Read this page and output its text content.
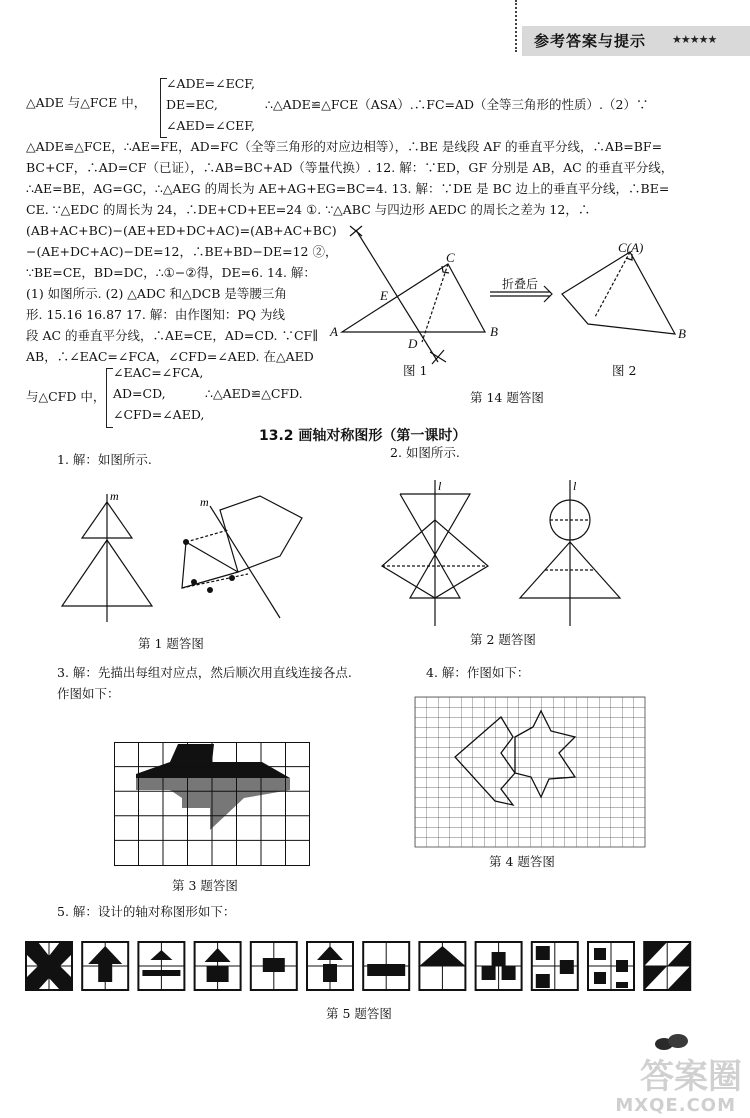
参考答案与提示 ★★★★★
△ADE 与△FCE 中，
∠ADE=∠ECF,
DE=EC,	∴△ADE≌△FCE（ASA）.∴FC=AD（全等三角形的性质）.（2）∵
∠AED=∠CEF,
△ADE≌△FCE，∴AE=FE，AD=FC（全等三角形的对应边相等），∴BE 是线段 AF 的垂直平分线，∴AB=BF=
BC+CF，∴AD=CF（已证），∴AB=BC+AD（等量代换）. 12. 解：∵ED，GF 分别是 AB，AC 的垂直平分线，
∴AE=BE，AG=GC，∴△AEG 的周长为 AE+AG+EG=BC=4. 13. 解：∵DE 是 BC 边上的垂直平分线，∴BE=
CE. ∵△EDC 的周长为 24，∴DE+CD+EE=24 ①. ∵△ABC 与四边形 AEDC 的周长之差为 12，∴
(AB+AC+BC)−(AE+ED+DC+AC)=(AB+AC+BC)
−(AE+DC+AC)−DE=12，∴BE+BD−DE=12 ②，
∵BE=CE，BD=DC，∴①−②得，DE=6. 14. 解：
(1) 如图所示. (2) △ADC 和△DCB 是等腰三角
形. 15.16 16.87 17. 解：由作图知：PQ 为线
段 AC 的垂直平分线，∴AE=CE，AD=CD. ∵CF∥
AB，∴∠EAC=∠FCA，∠CFD=∠AED. 在△AED
与△CFD 中，
∠EAC=∠FCA,
AD=CD,	∴△AED≌△CFD.
∠CFD=∠AED,
A	B
C
D
E
C(A)
B
折叠后
图 1	图 2
第 14 题答图
13.2 画轴对称图形（第一课时）
1. 解：如图所示.
m	m
第 1 题答图
2. 如图所示.
l	l
第 2 题答图
3. 解：先描出每组对应点，然后顺次用直线连接各点.
作图如下：
第 3 题答图
4. 解：作图如下：
第 4 题答图
5. 解：设计的轴对称图形如下：
第 5 题答图
答案圈
MXQE.COM
